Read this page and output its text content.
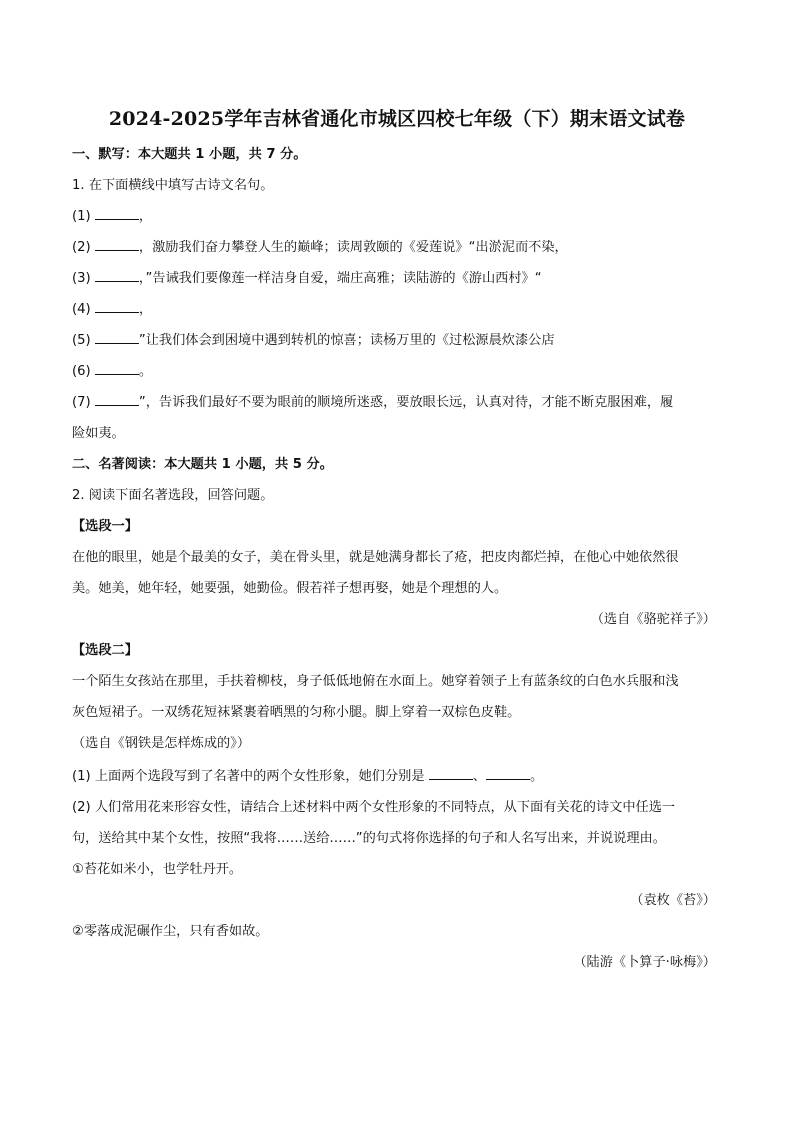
2024-2025学年吉林省通化市城区四校七年级（下）期末语文试卷
一、默写：本大题共 1 小题，共 7 分。
1. 在下面横线中填写古诗文名句。
(1)	，
(2)	，激励我们奋力攀登人生的巅峰；读周敦颐的《爱莲说》“出淤泥而不染，
(3)	，”告诫我们要像莲一样洁身自爱，端庄高雅；读陆游的《游山西村》“
(4)	，
(5)	”让我们体会到困境中遇到转机的惊喜；读杨万里的《过松源晨炊漆公店
(6)	。
(7)	”，告诉我们最好不要为眼前的顺境所迷惑，要放眼长远，认真对待，才能不断克服困难，履
险如夷。
二、名著阅读：本大题共 1 小题，共 5 分。
2. 阅读下面名著选段，回答问题。
【选段一】
在他的眼里，她是个最美的女子，美在骨头里，就是她满身都长了疮，把皮肉都烂掉，在他心中她依然很
美。她美，她年轻，她要强，她勤俭。假若祥子想再娶，她是个理想的人。
（选自《骆驼祥子》）
【选段二】
一个陌生女孩站在那里，手扶着柳枝，身子低低地俯在水面上。她穿着领子上有蓝条纹的白色水兵服和浅
灰色短裙子。一双绣花短袜紧裹着晒黑的匀称小腿。脚上穿着一双棕色皮鞋。
（选自《钢铁是怎样炼成的》）
(1) 上面两个选段写到了名著中的两个女性形象，她们分别是	、	。
(2) 人们常用花来形容女性，请结合上述材料中两个女性形象的不同特点，从下面有关花的诗文中任选一
句，送给其中某个女性，按照“我将……送给……”的句式将你选择的句子和人名写出来，并说说理由。
①苔花如米小，也学牡丹开。
（袁枚《苔》）
②零落成泥碾作尘，只有香如故。
（陆游《卜算子·咏梅》）
